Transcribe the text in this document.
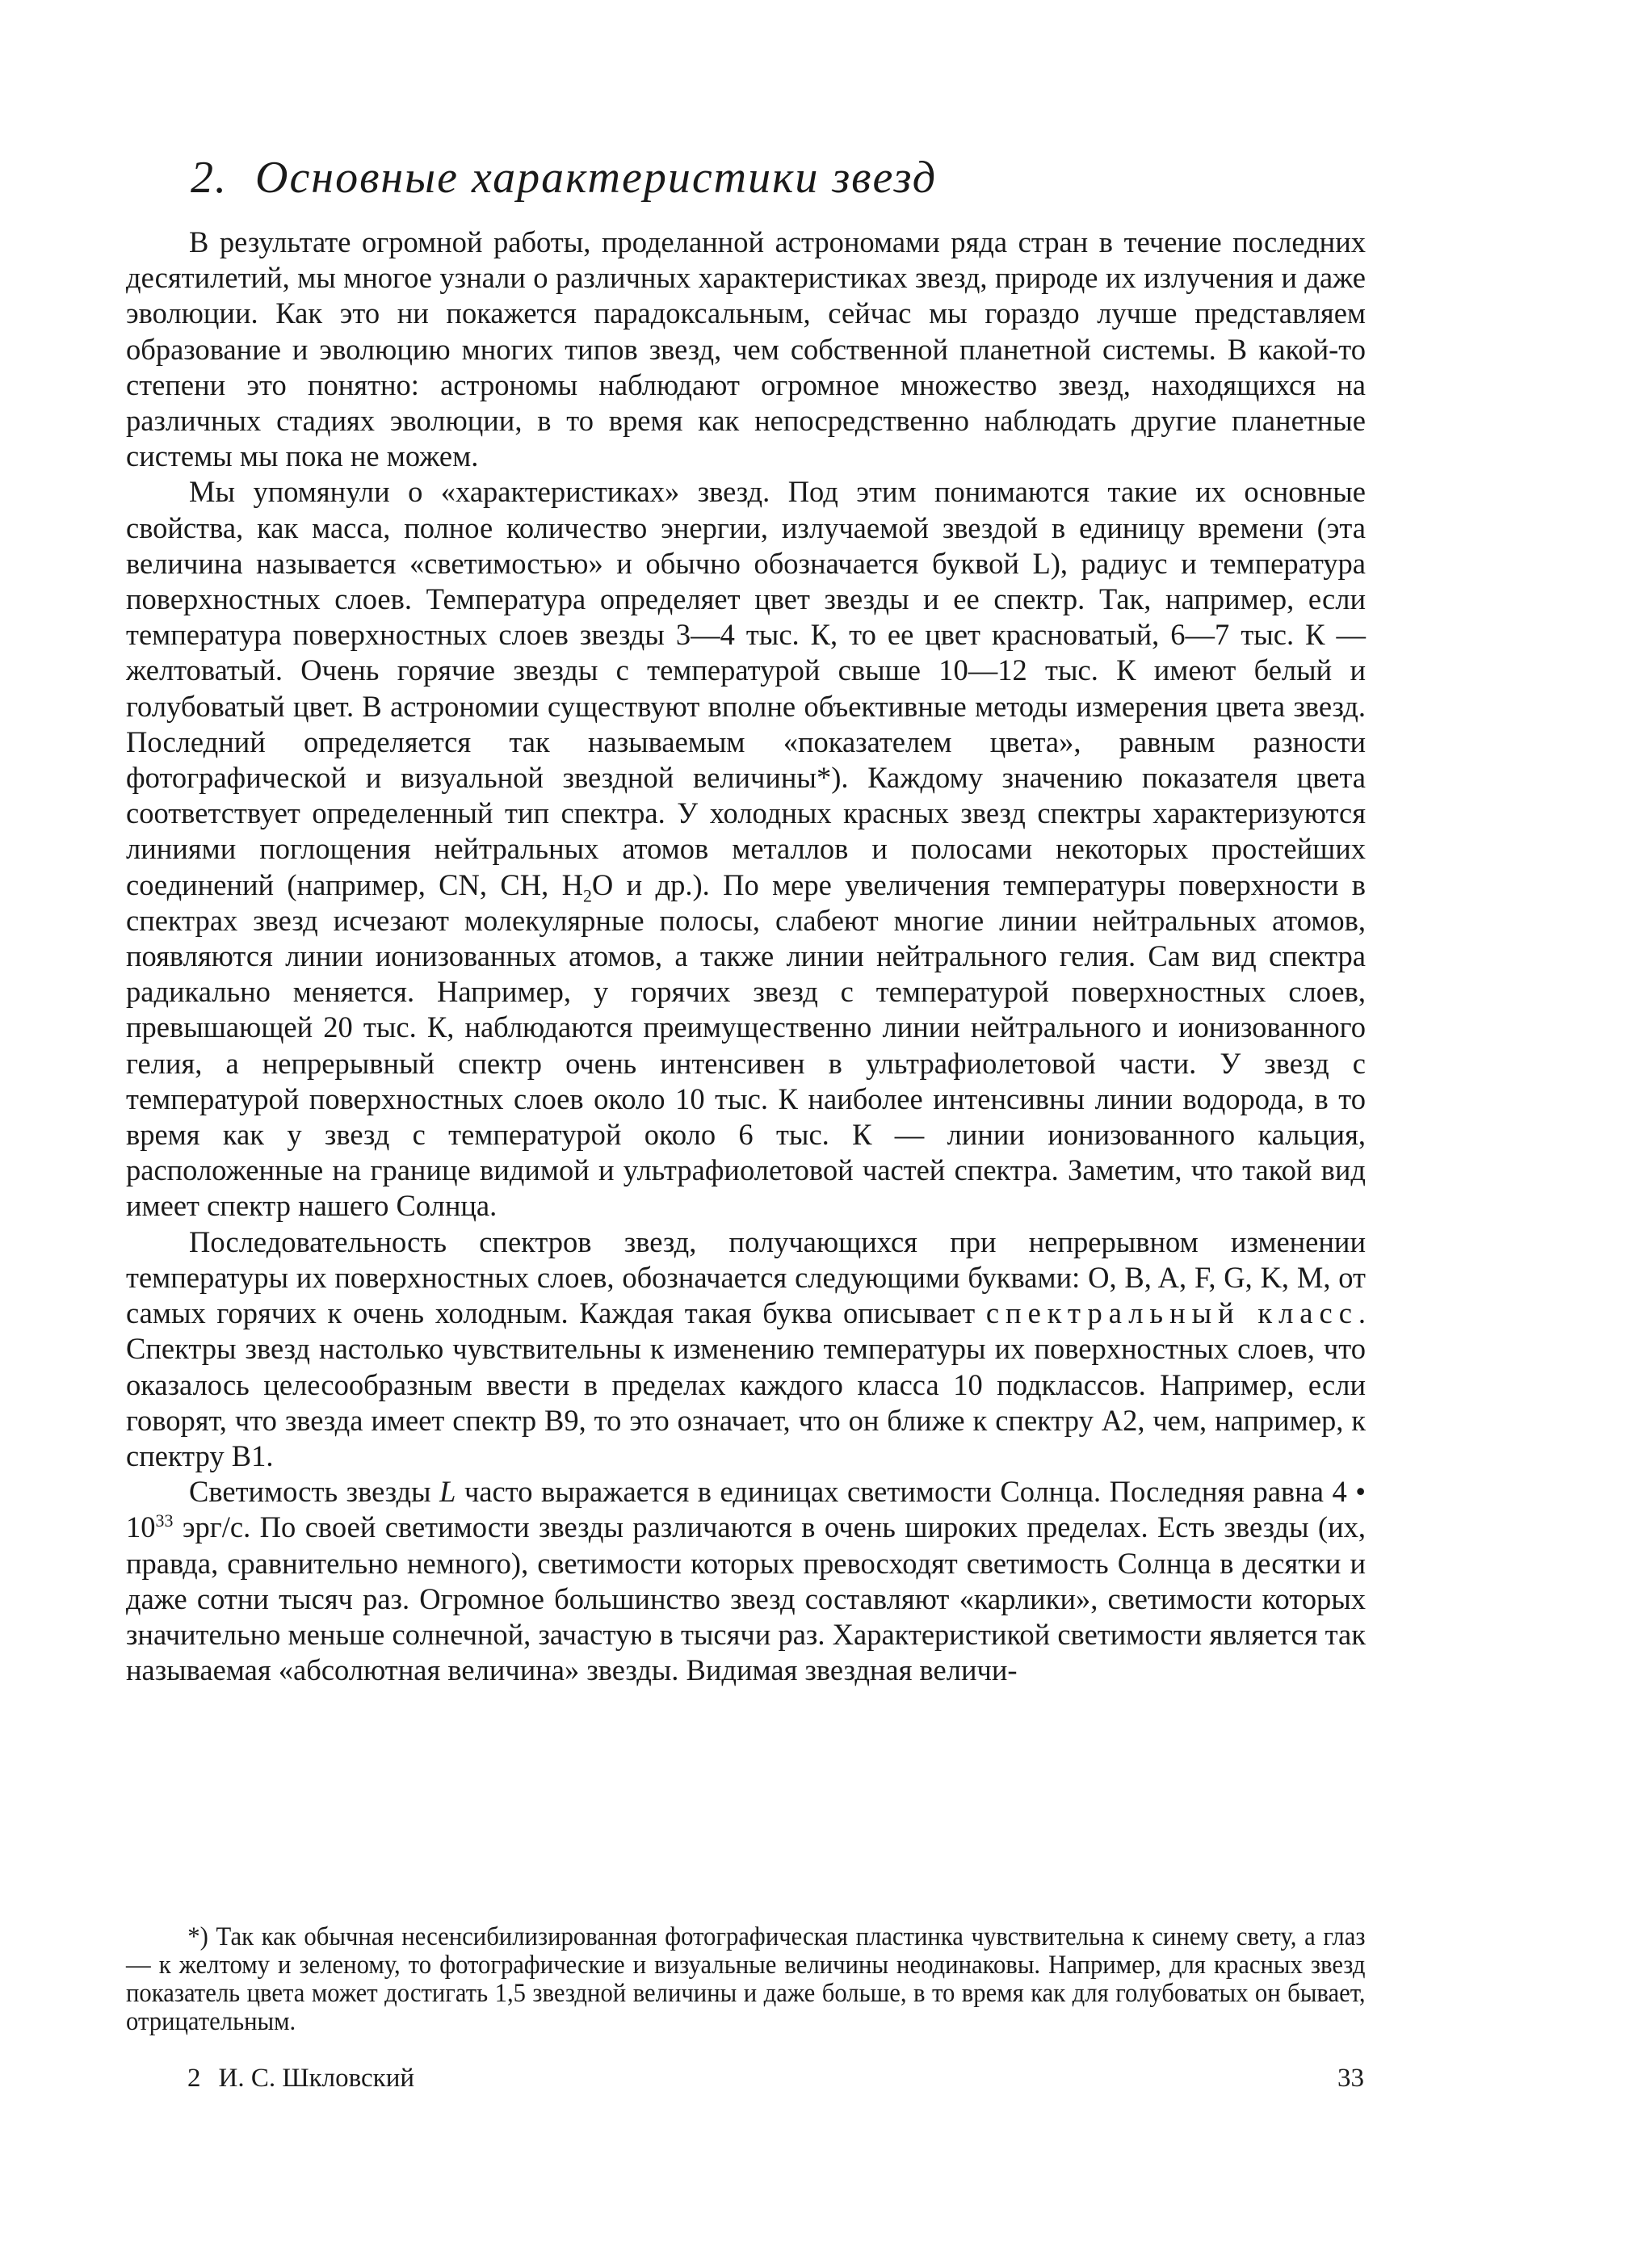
2. Основные характеристики звезд

В результате огромной работы, проделанной астрономами ряда стран в течение последних десятилетий, мы многое узнали о различных характеристиках звезд, природе их излучения и даже эволюции. Как это ни покажется парадоксальным, сейчас мы гораздо лучше представляем образование и эволюцию многих типов звезд, чем собственной планетной системы. В какой-то степени это понятно: астрономы наблюдают огромное множество звезд, находящихся на различных стадиях эволюции, в то время как непосредственно наблюдать другие планетные системы мы пока не можем.

Мы упомянули о «характеристиках» звезд. Под этим понимаются такие их основные свойства, как масса, полное количество энергии, излучаемой звездой в единицу времени (эта величина называется «светимостью» и обычно обозначается буквой L), радиус и температура поверхностных слоев. Температура определяет цвет звезды и ее спектр. Так, например, если температура поверхностных слоев звезды 3—4 тыс. К, то ее цвет красноватый, 6—7 тыс. К — желтоватый. Очень горячие звезды с температурой свыше 10—12 тыс. К имеют белый и голубоватый цвет. В астрономии существуют вполне объективные методы измерения цвета звезд. Последний определяется так называемым «показателем цвета», равным разности фотографической и визуальной звездной величины*). Каждому значению показателя цвета соответствует определенный тип спектра. У холодных красных звезд спектры характеризуются линиями поглощения нейтральных атомов металлов и полосами некоторых простейших соединений (например, CN, CH, $H_2O$ и др.). По мере увеличения температуры поверхности в спектрах звезд исчезают молекулярные полосы, слабеют многие линии нейтральных атомов, появляются линии ионизованных атомов, а также линии нейтрального гелия. Сам вид спектра радикально меняется. Например, у горячих звезд с температурой поверхностных слоев, превышающей 20 тыс. К, наблюдаются преимущественно линии нейтрального и ионизованного гелия, а непрерывный спектр очень интенсивен в ультрафиолетовой части. У звезд с температурой поверхностных слоев около 10 тыс. К наиболее интенсивны линии водорода, в то время как у звезд с температурой около 6 тыс. К — линии ионизованного кальция, расположенные на границе видимой и ультрафиолетовой частей спектра. Заметим, что такой вид имеет спектр нашего Солнца.

Последовательность спектров звезд, получающихся при непрерывном изменении температуры их поверхностных слоев, обозначается следующими буквами: O, B, A, F, G, K, M, от самых горячих к очень холодным. Каждая такая буква описывает спектральный класс. Спектры звезд настолько чувствительны к изменению температуры их поверхностных слоев, что оказалось целесообразным ввести в пределах каждого класса 10 подклассов. Например, если говорят, что звезда имеет спектр B9, то это означает, что он ближе к спектру A2, чем, например, к спектру B1.

Светимость звезды L часто выражается в единицах светимости Солнца. Последняя равна 4 • $10^{33}$ эрг/с. По своей светимости звезды различаются в очень широких пределах. Есть звезды (их, правда, сравнительно немного), светимости которых превосходят светимость Солнца в десятки и даже сотни тысяч раз. Огромное большинство звезд составляют «карлики», светимости которых значительно меньше солнечной, зачастую в тысячи раз. Характеристикой светимости является так называемая «абсолютная величина» звезды. Видимая звездная величи-

*) Так как обычная несенсибилизированная фотографическая пластинка чувствительна к синему свету, а глаз — к желтому и зеленому, то фотографические и визуальные величины неодинаковы. Например, для красных звезд показатель цвета может достигать 1,5 звездной величины и даже больше, в то время как для голубоватых он бывает, отрицательным.

2 И. С. Шкловский	33
